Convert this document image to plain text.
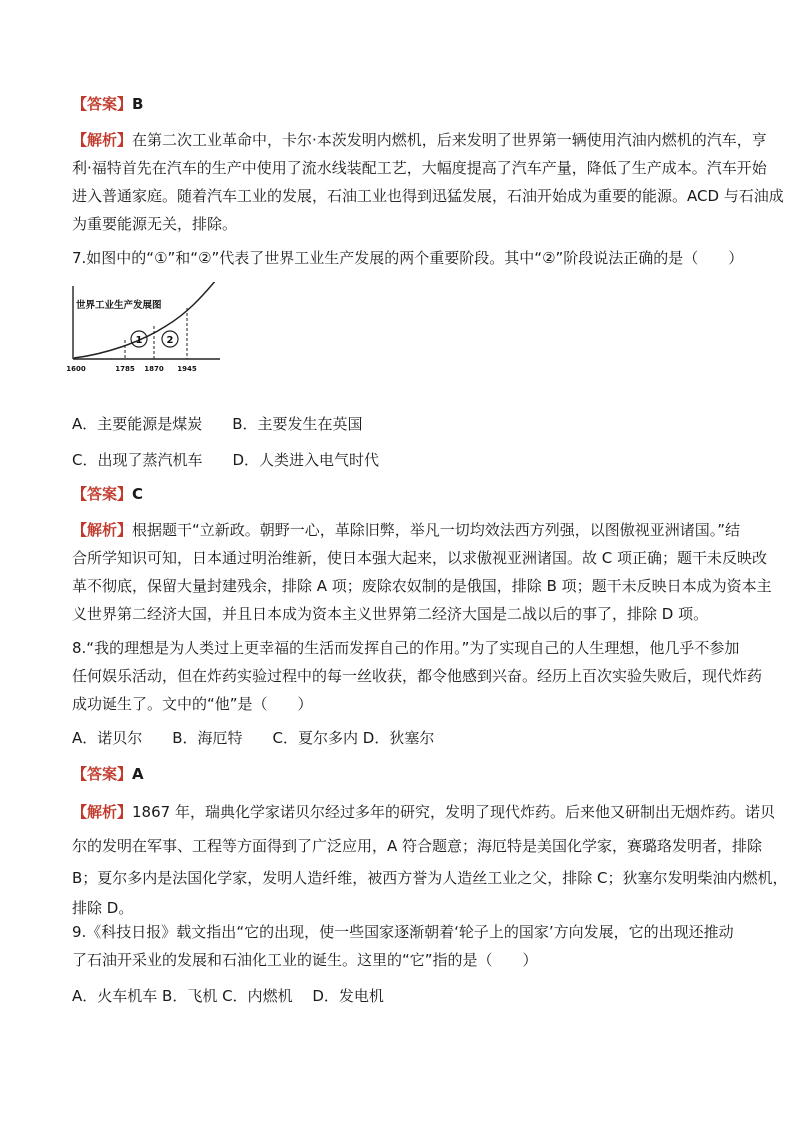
【答案】B
【解析】在第二次工业革命中，卡尔·本茨发明内燃机，后来发明了世界第一辆使用汽油内燃机的汽车，亨
利·福特首先在汽车的生产中使用了流水线装配工艺，大幅度提高了汽车产量，降低了生产成本。汽车开始
进入普通家庭。随着汽车工业的发展，石油工业也得到迅猛发展，石油开始成为重要的能源。ACD 与石油成
为重要能源无关，排除。
7.如图中的“①”和“②”代表了世界工业生产发展的两个重要阶段。其中“②”阶段说法正确的是（　　）
世界工业生产发展图
1 2
1600	1785 1870 1945
A．主要能源是煤炭　　B．主要发生在英国
C．出现了蒸汽机车　　D．人类进入电气时代
【答案】C
【解析】根据题干“立新政。朝野一心，革除旧弊，举凡一切均效法西方列强，以图傲视亚洲诸国。”结
合所学知识可知，日本通过明治维新，使日本强大起来，以求傲视亚洲诸国。故 C 项正确；题干未反映改
革不彻底，保留大量封建残余，排除 A 项；废除农奴制的是俄国，排除 B 项；题干未反映日本成为资本主
义世界第二经济大国，并且日本成为资本主义世界第二经济大国是二战以后的事了，排除 D 项。
8.“我的理想是为人类过上更幸福的生活而发挥自己的作用。”为了实现自己的人生理想，他几乎不参加
任何娱乐活动，但在炸药实验过程中的每一丝收获，都令他感到兴奋。经历上百次实验失败后，现代炸药
成功诞生了。文中的“他”是（　　）
A．诺贝尔　　B．海厄特　　C．夏尔多内 D．狄塞尔
【答案】A
【解析】1867 年，瑞典化学家诺贝尔经过多年的研究，发明了现代炸药。后来他又研制出无烟炸药。诺贝
尔的发明在军事、工程等方面得到了广泛应用，A 符合题意；海厄特是美国化学家，赛璐珞发明者，排除
B；夏尔多内是法国化学家，发明人造纤维，被西方誉为人造丝工业之父，排除 C；狄塞尔发明柴油内燃机，
排除 D。
9.《科技日报》载文指出“它的出现，使一些国家逐渐朝着‘轮子上的国家’方向发展，它的出现还推动
了石油开采业的发展和石油化工业的诞生。这里的“它”指的是（　　）
A．火车机车 B．飞机 C．内燃机　 D．发电机
